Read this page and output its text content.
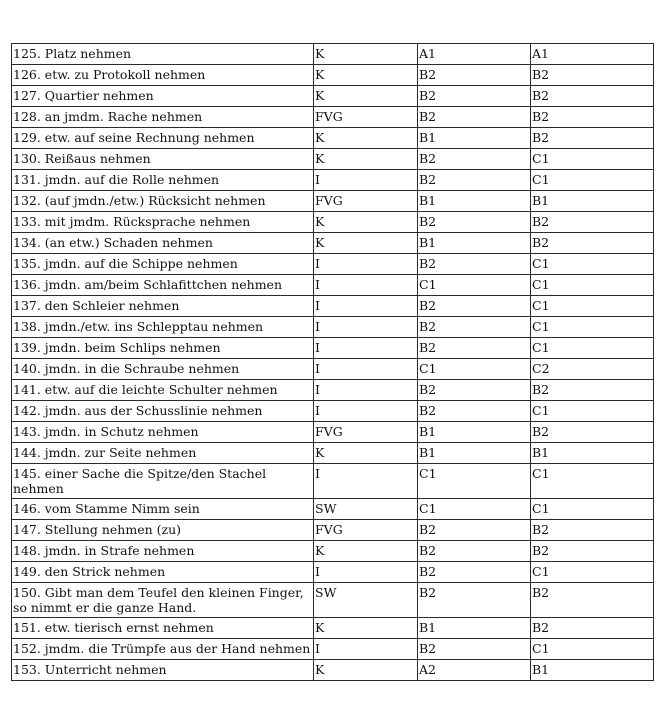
125. Platz nehmen	K	A1	A1
126. etw. zu Protokoll nehmen	K	B2	B2
127. Quartier nehmen	K	B2	B2
128. an jmdm. Rache nehmen	FVG	B2	B2
129. etw. auf seine Rechnung nehmen	K	B1	B2
130. Reißaus nehmen	K	B2	C1
131. jmdn. auf die Rolle nehmen	I	B2	C1
132. (auf jmdn./etw.) Rücksicht nehmen	FVG	B1	B1
133. mit jmdm. Rücksprache nehmen	K	B2	B2
134. (an etw.) Schaden nehmen	K	B1	B2
135. jmdn. auf die Schippe nehmen	I	B2	C1
136. jmdn. am/beim Schlafittchen nehmen	I	C1	C1
137. den Schleier nehmen	I	B2	C1
138. jmdn./etw. ins Schlepptau nehmen	I	B2	C1
139. jmdn. beim Schlips nehmen	I	B2	C1
140. jmdn. in die Schraube nehmen	I	C1	C2
141. etw. auf die leichte Schulter nehmen	I	B2	B2
142. jmdn. aus der Schusslinie nehmen	I	B2	C1
143. jmdn. in Schutz nehmen	FVG	B1	B2
144. jmdn. zur Seite nehmen	K	B1	B1
145. einer Sache die Spitze/den Stachel nehmen	I	C1	C1
146. vom Stamme Nimm sein	SW	C1	C1
147. Stellung nehmen (zu)	FVG	B2	B2
148. jmdn. in Strafe nehmen	K	B2	B2
149. den Strick nehmen	I	B2	C1
150. Gibt man dem Teufel den kleinen Finger, so nimmt er die ganze Hand.	SW	B2	B2
151. etw. tierisch ernst nehmen	K	B1	B2
152. jmdm. die Trümpfe aus der Hand nehmen	I	B2	C1
153. Unterricht nehmen	K	A2	B1
